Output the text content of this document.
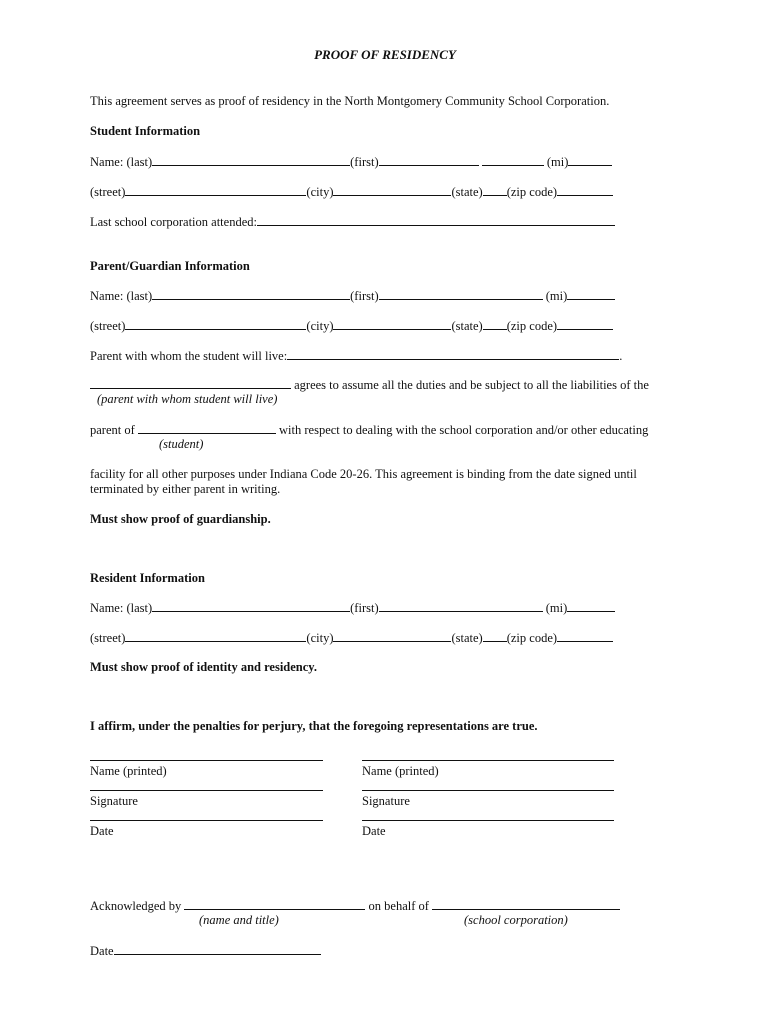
PROOF OF RESIDENCY
This agreement serves as proof of residency in the North Montgomery Community School Corporation.
Student Information
Name: (last)	(first)	(mi)
(street)	(city)	(state) (zip code)
Last school corporation attended:
Parent/Guardian Information
Name: (last)	(first)	(mi)
(street)	(city)	(state) (zip code)
Parent with whom the student will live:	.
agrees to assume all the duties and be subject to all the liabilities of the
(parent with whom student will live)
parent of	with respect to dealing with the school corporation and/or other educating
(student)
facility for all other purposes under Indiana Code 20-26. This agreement is binding from the date signed until
terminated by either parent in writing.
Must show proof of guardianship.
Resident Information
Name: (last)	(first)	(mi)
(street)	(city)	(state) (zip code)
Must show proof of identity and residency.
I affirm, under the penalties for perjury, that the foregoing representations are true.
Name (printed)
Signature
Date
Name (printed)
Signature
Date
Acknowledged by	on behalf of
(name and title)	(school corporation)
Date
